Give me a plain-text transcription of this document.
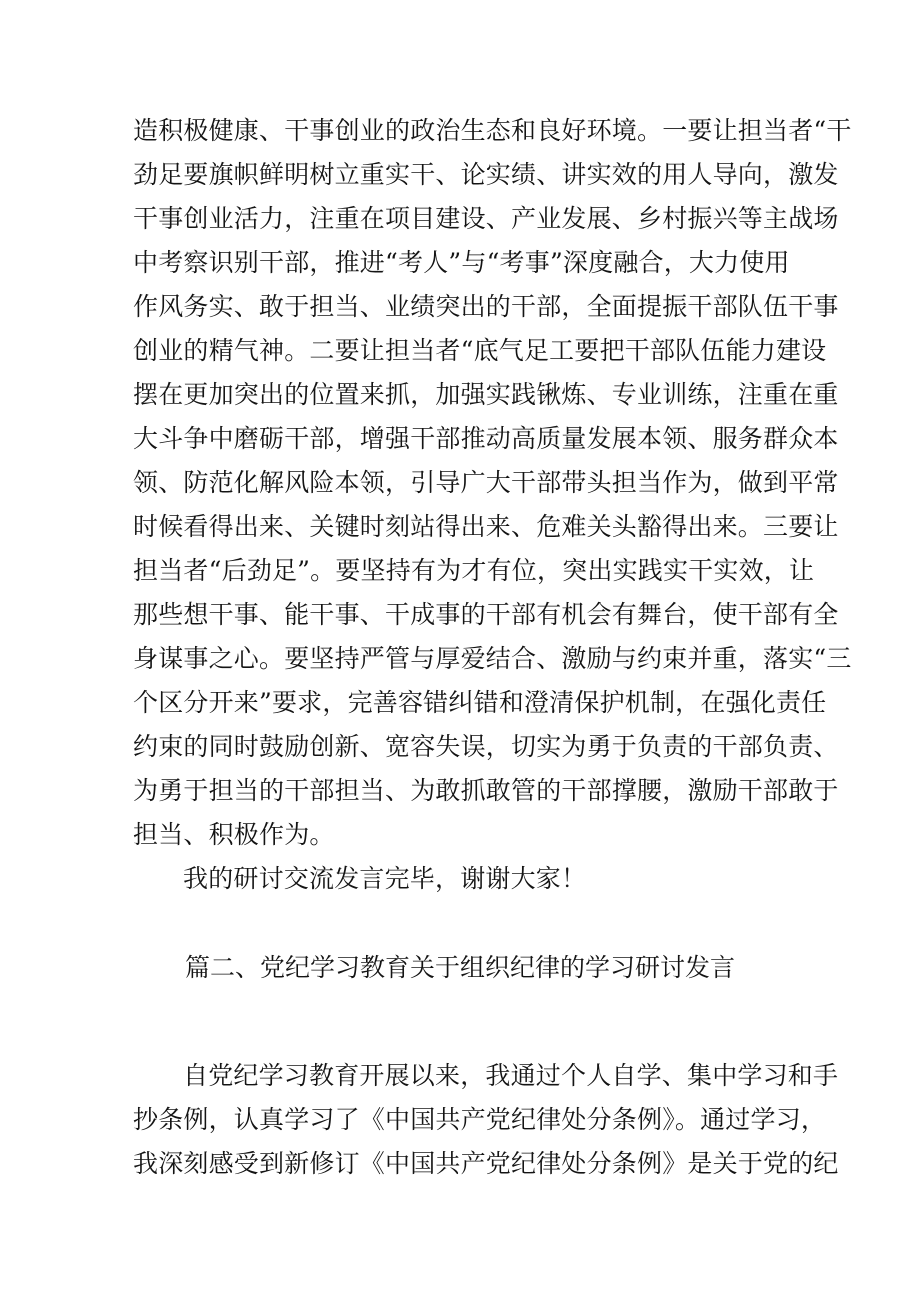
造积极健康、干事创业的政治生态和良好环境。一要让担当者“干
劲足要旗帜鲜明树立重实干、论实绩、讲实效的用人导向，激发
干事创业活力，注重在项目建设、产业发展、乡村振兴等主战场
中考察识别干部，推进“考人”与“考事”深度融合，大力使用
作风务实、敢于担当、业绩突出的干部，全面提振干部队伍干事
创业的精气神。二要让担当者“底气足工要把干部队伍能力建设
摆在更加突出的位置来抓，加强实践锹炼、专业训练，注重在重
大斗争中磨砺干部，增强干部推动高质量发展本领、服务群众本
领、防范化解风险本领，引导广大干部带头担当作为，做到平常
时候看得出来、关键时刻站得出来、危难关头豁得出来。三要让
担当者“后劲足”。要坚持有为才有位，突出实践实干实效，让
那些想干事、能干事、干成事的干部有机会有舞台，使干部有全
身谋事之心。要坚持严管与厚爱结合、激励与约束并重，落实“三
个区分开来”要求，完善容错纠错和澄清保护机制，在强化责任
约束的同时鼓励创新、宽容失误，切实为勇于负责的干部负责、
为勇于担当的干部担当、为敢抓敢管的干部撑腰，激励干部敢于
担当、积极作为。
我的研讨交流发言完毕，谢谢大家！
篇二、党纪学习教育关于组织纪律的学习研讨发言
自党纪学习教育开展以来，我通过个人自学、集中学习和手
抄条例，认真学习了《中国共产党纪律处分条例》。通过学习，
我深刻感受到新修订《中国共产党纪律处分条例》是关于党的纪
